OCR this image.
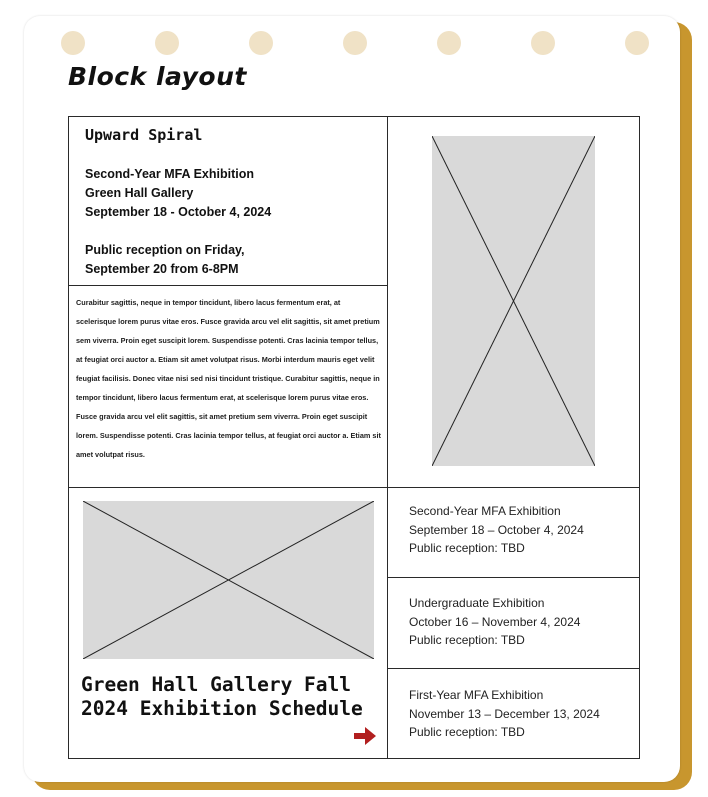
Block layout
Upward Spiral
Second-Year MFA Exhibition
Green Hall Gallery
September 18 - October 4, 2024
Public reception on Friday,
September 20 from 6-8PM
Curabitur sagittis, neque in tempor tincidunt, libero lacus fermentum erat, at scelerisque lorem purus vitae eros. Fusce gravida arcu vel elit sagittis, sit amet pretium sem viverra. Proin eget suscipit lorem. Suspendisse potenti. Cras lacinia tempor tellus, at feugiat orci auctor a. Etiam sit amet volutpat risus. Morbi interdum mauris eget velit feugiat facilisis. Donec vitae nisi sed nisi tincidunt tristique. Curabitur sagittis, neque in tempor tincidunt, libero lacus fermentum erat, at scelerisque lorem purus vitae eros. Fusce gravida arcu vel elit sagittis, sit amet pretium sem viverra. Proin eget suscipit lorem. Suspendisse potenti. Cras lacinia tempor tellus, at feugiat orci auctor a. Etiam sit amet volutpat risus.
Green Hall Gallery Fall 2024 Exhibition Schedule
Second-Year MFA Exhibition
September 18 – October 4, 2024
Public reception: TBD
Undergraduate Exhibition
October 16 – November 4, 2024
Public reception: TBD
First-Year MFA Exhibition
November 13 – December 13, 2024
Public reception: TBD
